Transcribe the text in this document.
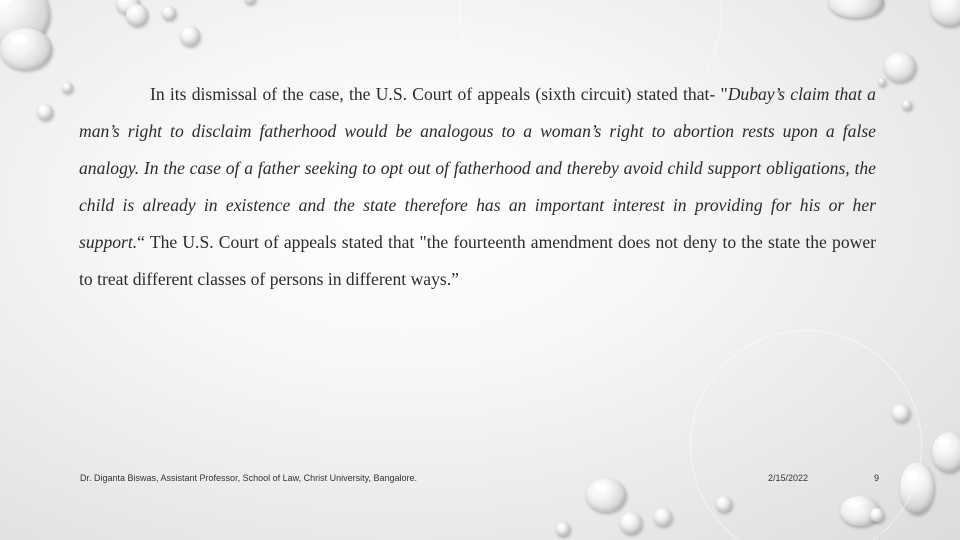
In its dismissal of the case, the U.S. Court of appeals (sixth circuit) stated that- "Dubay’s claim that a man’s right to disclaim fatherhood would be analogous to a woman’s right to abortion rests upon a false analogy. In the case of a father seeking to opt out of fatherhood and thereby avoid child support obligations, the child is already in existence and the state therefore has an important interest in providing for his or her support.“ The U.S. Court of appeals stated that "the fourteenth amendment does not deny to the state the power to treat different classes of persons in different ways.”

Dr. Diganta Biswas, Assistant Professor, School of Law, Christ University, Bangalore.	2/15/2022	9
